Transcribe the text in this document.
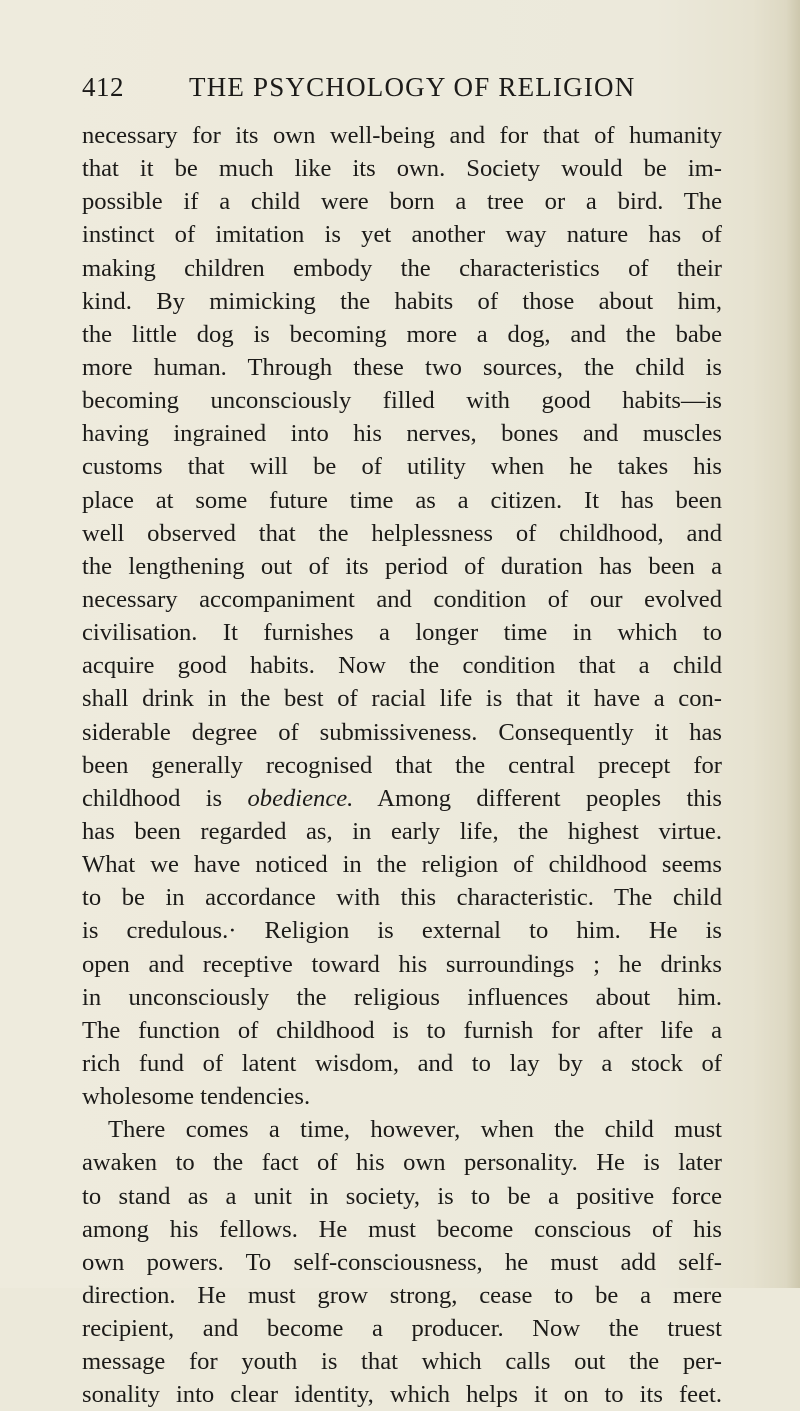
412 THE PSYCHOLOGY OF RELIGION
necessary for its own well-being and for that of humanity
that it be much like its own. Society would be im-
possible if a child were born a tree or a bird. The
instinct of imitation is yet another way nature has of
making children embody the characteristics of their
kind. By mimicking the habits of those about him,
the little dog is becoming more a dog, and the babe
more human. Through these two sources, the child is
becoming unconsciously filled with good habits—is
having ingrained into his nerves, bones and muscles
customs that will be of utility when he takes his
place at some future time as a citizen. It has been
well observed that the helplessness of childhood, and
the lengthening out of its period of duration has been a
necessary accompaniment and condition of our evolved
civilisation. It furnishes a longer time in which to
acquire good habits. Now the condition that a child
shall drink in the best of racial life is that it have a con-
siderable degree of submissiveness. Consequently it has
been generally recognised that the central precept for
childhood is obedience. Among different peoples this
has been regarded as, in early life, the highest virtue.
What we have noticed in the religion of childhood seems
to be in accordance with this characteristic. The child
is credulous.· Religion is external to him. He is
open and receptive toward his surroundings ; he drinks
in unconsciously the religious influences about him.
The function of childhood is to furnish for after life a
rich fund of latent wisdom, and to lay by a stock of
wholesome tendencies.
There comes a time, however, when the child must
awaken to the fact of his own personality. He is later
to stand as a unit in society, is to be a positive force
among his fellows. He must become conscious of his
own powers. To self-consciousness, he must add self-
direction. He must grow strong, cease to be a mere
recipient, and become a producer. Now the truest
message for youth is that which calls out the per-
sonality into clear identity, which helps it on to its feet.
